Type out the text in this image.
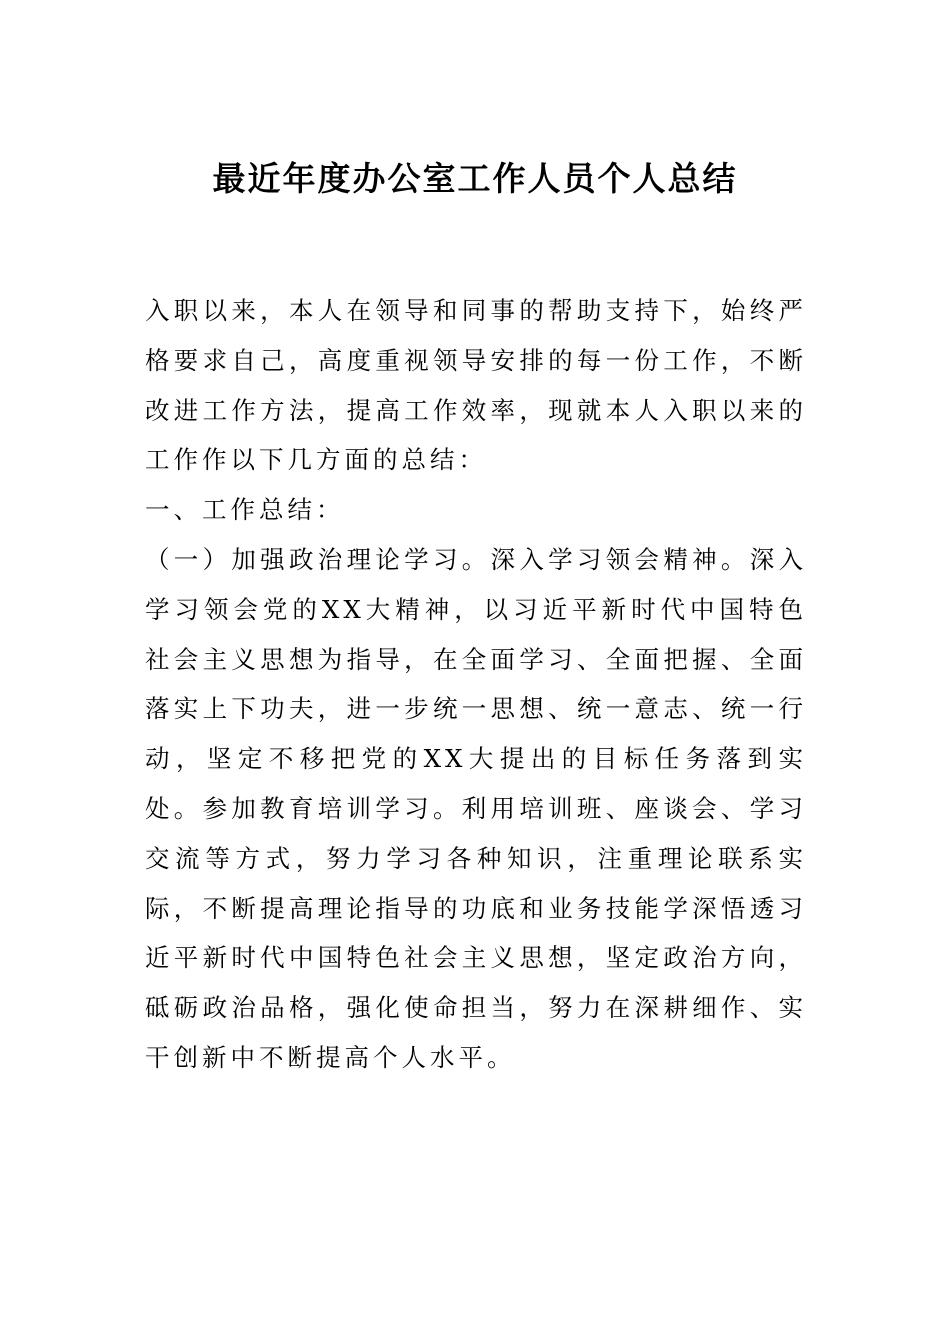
最近年度办公室工作人员个人总结

入职以来，本人在领导和同事的帮助支持下，始终严格要求自己，高度重视领导安排的每一份工作，不断改进工作方法，提高工作效率，现就本人入职以来的工作作以下几方面的总结：

一、工作总结：

（一）加强政治理论学习。深入学习领会精神。深入学习领会党的XX大精神，以习近平新时代中国特色社会主义思想为指导，在全面学习、全面把握、全面落实上下功夫，进一步统一思想、统一意志、统一行动，坚定不移把党的XX大提出的目标任务落到实处。参加教育培训学习。利用培训班、座谈会、学习交流等方式，努力学习各种知识，注重理论联系实际，不断提高理论指导的功底和业务技能学深悟透习近平新时代中国特色社会主义思想，坚定政治方向，砥砺政治品格，强化使命担当，努力在深耕细作、实干创新中不断提高个人水平。
